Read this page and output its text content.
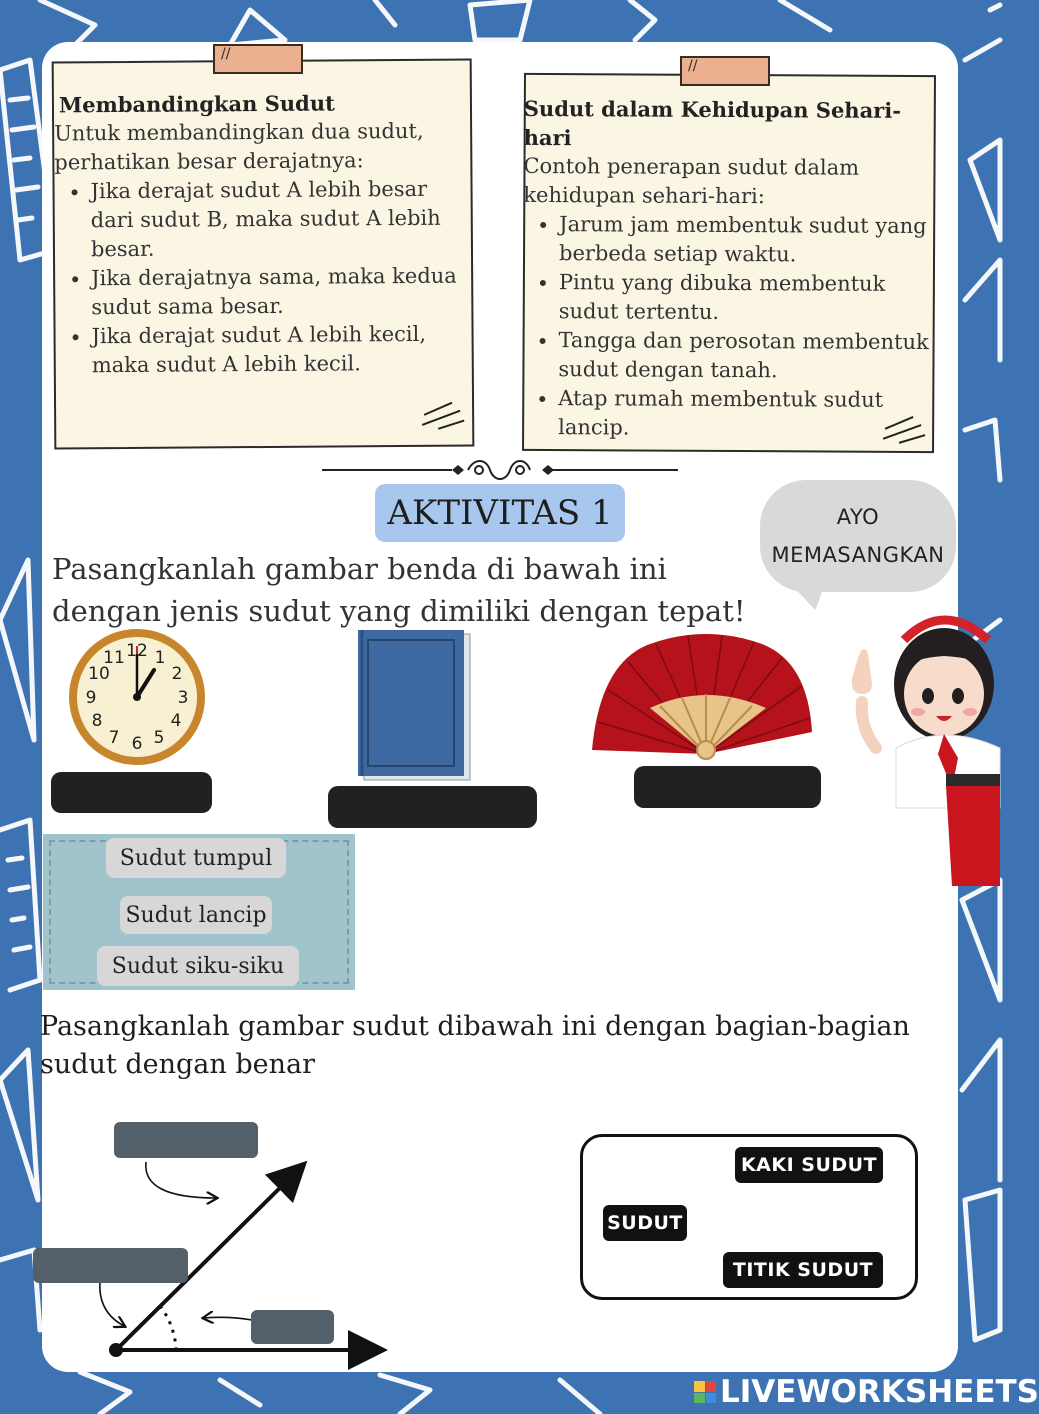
Membandingkan Sudut

Untuk membandingkan dua sudut, perhatikan besar derajatnya:

• Jika derajat sudut A lebih besar dari sudut B, maka sudut A lebih besar.
• Jika derajatnya sama, maka kedua sudut sama besar.
• Jika derajat sudut A lebih kecil, maka sudut A lebih kecil.
//

Sudut dalam Kehidupan Sehari-hari

Contoh penerapan sudut dalam kehidupan sehari-hari:

• Jarum jam membentuk sudut yang berbeda setiap waktu.
• Pintu yang dibuka membentuk sudut tertentu.
• Tangga dan perosotan membentuk sudut dengan tanah.
• Atap rumah membentuk sudut lancip.
//
AKTIVITAS 1	AYO
MEMASANGKAN

Pasangkanlah gambar benda di bawah ini dengan jenis sudut yang dimiliki dengan tepat!

12 1
2
3
4
5
6
7
8
9
10
11
Sudut tumpul
Sudut lancip
Sudut siku-siku

Pasangkanlah gambar sudut dibawah ini dengan bagian-bagian sudut dengan benar

KAKI SUDUT
SUDUT
TITIK SUDUT
LIVEWORKSHEETS
